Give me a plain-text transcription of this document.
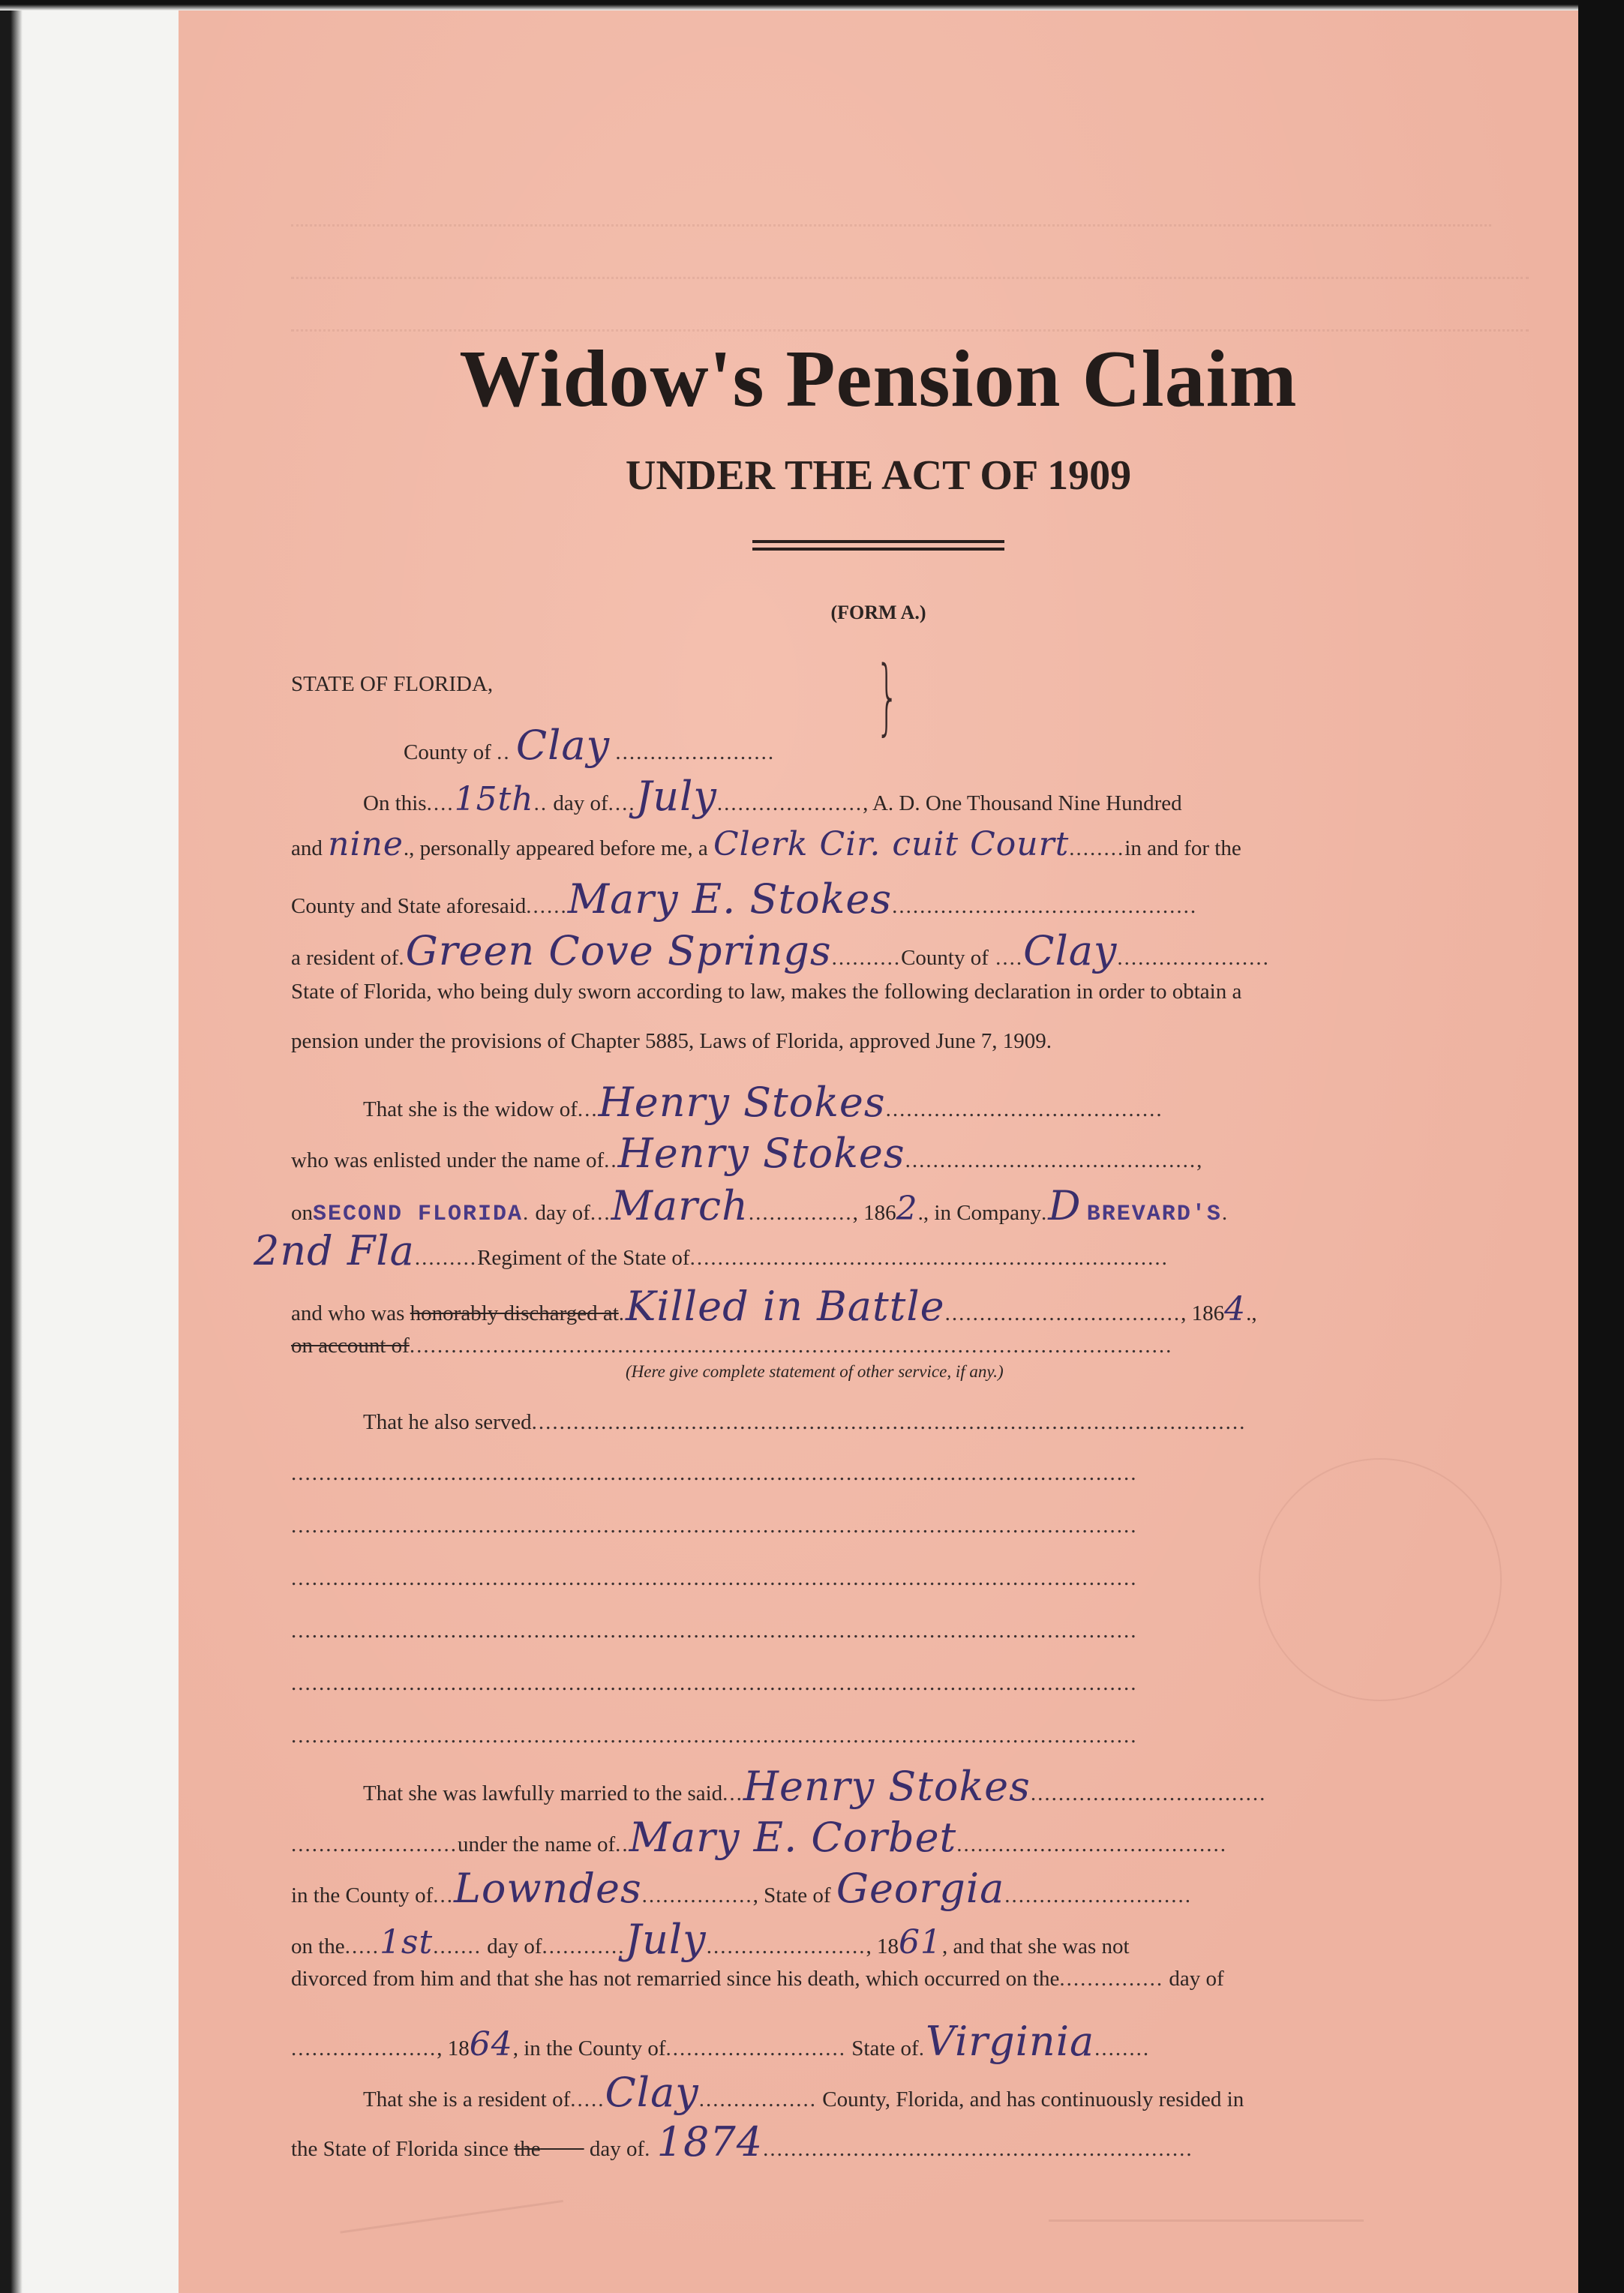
Widow's Pension Claim
UNDER THE ACT OF 1909
(FORM A.)
STATE OF FLORIDA,
County of .. Clay .......................
}
On this....15th.. day of....July....................., A. D. One Thousand Nine Hundred
and nine., personally appeared before me, a Clerk Cir. cuit Court........in and for the
County and State aforesaid......Mary E. Stokes............................................
a resident of.Green Cove Springs..........County of ....Clay......................
State of Florida, who being duly sworn according to law, makes the following declaration in order to obtain a
pension under the provisions of Chapter 5885, Laws of Florida, approved June 7, 1909.
That she is the widow of...Henry Stokes........................................
who was enlisted under the name of..Henry Stokes..........................................,
onSECOND FLORIDA. day of...March..............., 1862., in Company.D BREVARD'S.
2nd Fla.........Regiment of the State of.....................................................................
and who was honorably discharged at.Killed in Battle.................................., 1864.,
on account of..............................................................................................................
(Here give complete statement of other service, if any.)
That he also served.......................................................................................................
..........................................................................................................................
..........................................................................................................................
..........................................................................................................................
..........................................................................................................................
..........................................................................................................................
..........................................................................................................................
That she was lawfully married to the said...Henry Stokes..................................
........................under the name of..Mary E. Corbet.......................................
in the County of...Lowndes................, State of Georgia...........................
on the.....1st....... day of............July......................., 1861, and that she was not
divorced from him and that she has not remarried since his death, which occurred on the............... day of
....................., 1864, in the County of.......................... State of.Virginia........
That she is a resident of.....Clay................. County, Florida, and has continuously resided in
the State of Florida since the day of. 1874..............................................................
